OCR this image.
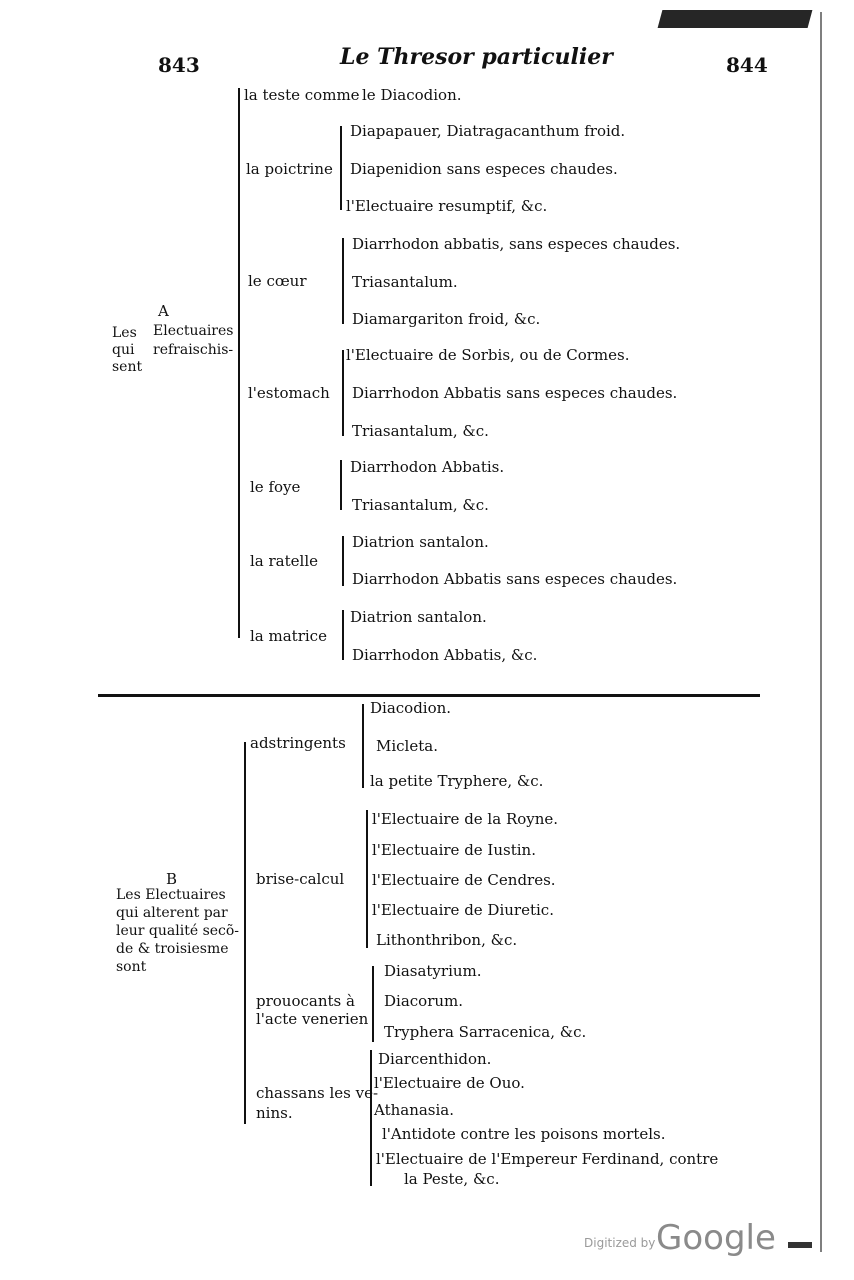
843	Le Thresor particulier	844
A
Les
qui
sent
Electuaires
refraischis-
la teste comme le Diacodion.
la poictrine
Diapapauer, Diatragacanthum froid.
Diapenidion sans especes chaudes.
l'Electuaire resumptif, &c.
le cœur
Diarrhodon abbatis, sans especes chaudes.
Triasantalum.
Diamargariton froid, &c.
l'estomach
l'Electuaire de Sorbis, ou de Cormes.
Diarrhodon Abbatis sans especes chaudes.
Triasantalum, &c.
le foye
Diarrhodon Abbatis.
Triasantalum, &c.
la ratelle
Diatrion santalon.
Diarrhodon Abbatis sans especes chaudes.
la matrice
Diatrion santalon.
Diarrhodon Abbatis, &c.
B
Les Electuaires
qui alterent par
leur qualité secõ-
de & troisiesme
sont
adstringents
Diacodion.
Micleta.
la petite Tryphere, &c.
brise-calcul
l'Electuaire de la Royne.
l'Electuaire de Iustin.
l'Electuaire de Cendres.
l'Electuaire de Diuretic.
Lithonthribon, &c.
prouocants à
l'acte venerien
Diasatyrium.
Diacorum.
Tryphera Sarracenica, &c.
chassans les ve-
nins.
Diarcenthidon.
l'Electuaire de Ouo.
Athanasia.
l'Antidote contre les poisons mortels.
l'Electuaire de l'Empereur Ferdinand, contre
la Peste, &c.
Digitized by Google
